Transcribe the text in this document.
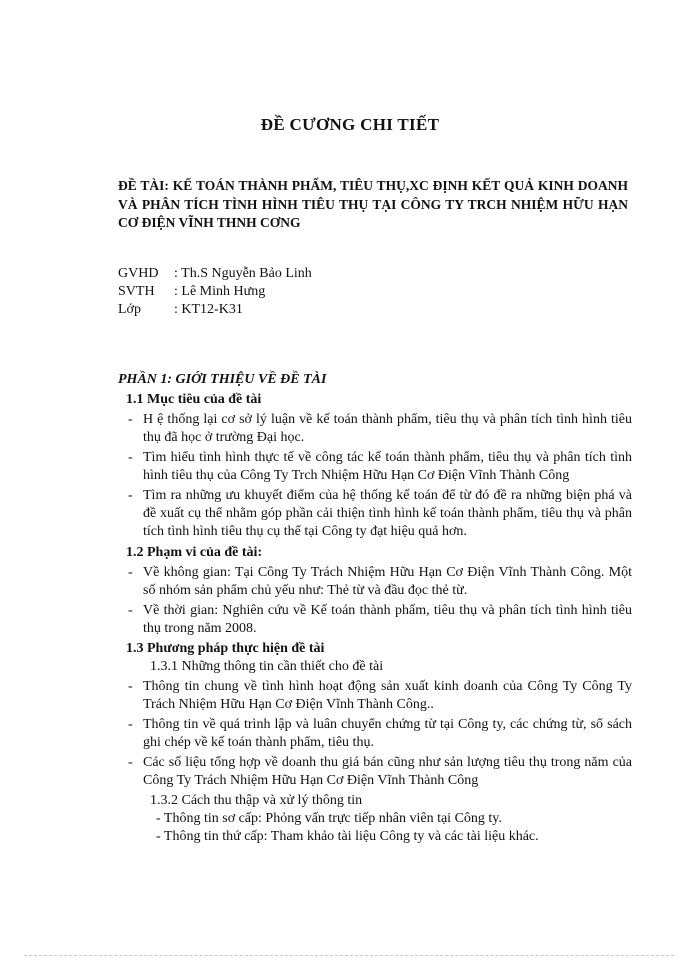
ĐỀ CƯƠNG CHI TIẾT
ĐỀ TÀI: KẾ TOÁN THÀNH PHẨM, TIÊU THỤ,XC ĐỊNH KẾT QUẢ KINH DOANH VÀ PHÂN TÍCH TÌNH HÌNH TIÊU THỤ TẠI CÔNG TY TRCH NHIỆM HỮU HẠN CƠ ĐIỆN VĨNH THNH CƠNG
GVHD	: Th.S Nguyễn Bảo Linh
SVTH	: Lê Minh Hưng
Lớp	: KT12-K31
PHẦN 1: GIỚI THIỆU VỀ ĐỀ TÀI

1.1 Mục tiêu của đề tài

- H ệ thống lại cơ sở lý luận về kế toán thành phẩm, tiêu thụ và phân tích tình hình tiêu thụ đã học ở trường Đại học.
- Tìm hiểu tình hình thực tế về công tác kế toán thành phẩm, tiêu thụ và phân tích tình hình tiêu thụ của Công Ty Trch Nhiệm Hữu Hạn Cơ Điện Vĩnh Thành Công
- Tìm ra những ưu khuyết điểm của hệ thống kế toán để từ đó đề ra những biện phá và đề xuất cụ thể nhằm góp phần cải thiện tình hình kế toán thành phẩm, tiêu thụ và phân tích tình hình tiêu thụ cụ thể tại Công ty đạt hiệu quả hơn.

1.2 Phạm vi của đề tài:

- Về không gian: Tại Công Ty Trách Nhiệm Hữu Hạn Cơ Điện Vĩnh Thành Công. Một số nhóm sản phẩm chủ yếu như: Thẻ từ và đầu đọc thẻ từ.
- Về thời gian: Nghiên cứu về Kế toán thành phẩm, tiêu thụ và phân tích tình hình tiêu thụ trong năm 2008.

1.3 Phương pháp thực hiện đề tài

1.3.1 Những thông tin cần thiết cho đề tài
- Thông tin chung về tình hình hoạt động sản xuất kinh doanh của Công Ty Công Ty Trách Nhiệm Hữu Hạn Cơ Điện Vĩnh Thành Công..
- Thông tin về quá trình lập và luân chuyển chứng từ tại Công ty, các chứng từ, sổ sách ghi chép về kế toán thành phẩm, tiêu thụ.
- Các số liệu tổng hợp về doanh thu giá bán cũng như sản lượng tiêu thụ trong năm của Công Ty Trách Nhiệm Hữu Hạn Cơ Điện Vĩnh Thành Công
1.3.2 Cách thu thập và xử lý thông tin
- Thông tin sơ cấp: Phỏng vấn trực tiếp nhân viên tại Công ty.
- Thông tin thứ cấp: Tham khảo tài liệu Công ty và các tài liệu khác.
